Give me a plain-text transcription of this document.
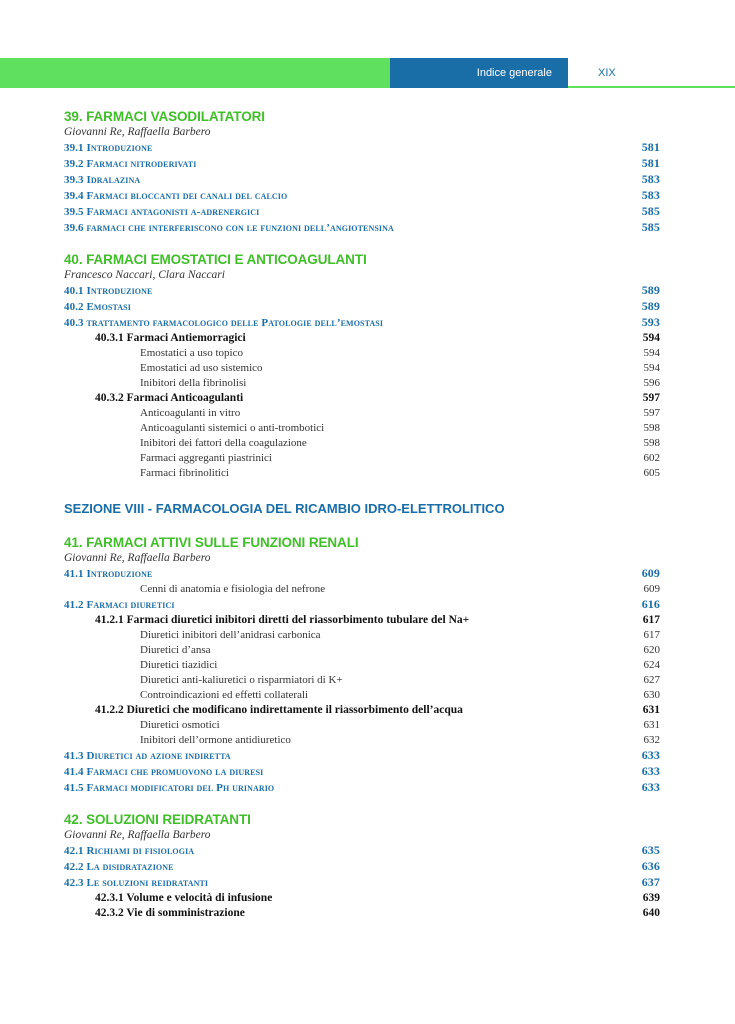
Indice generale	XIX
39. FARMACI VASODILATATORI
Giovanni Re, Raffaella Barbero
39.1 Introduzione	581
39.2 Farmaci nitroderivati	581
39.3 Idralazina	583
39.4 Farmaci bloccanti dei canali del calcio	583
39.5 Farmaci antagonisti α-adrenergici	585
39.6 farmaci che interferiscono con le funzioni dell’angiotensina	585
40. FARMACI EMOSTATICI E ANTICOAGULANTI
Francesco Naccari, Clara Naccari
40.1 Introduzione	589
40.2 Emostasi	589
40.3 trattamento farmacologico delle Patologie dell’emostasi	593
40.3.1 Farmaci Antiemorragici	594
Emostatici a uso topico	594
Emostatici ad uso sistemico	594
Inibitori della fibrinolisi	596
40.3.2 Farmaci Anticoagulanti	597
Anticoagulanti in vitro	597
Anticoagulanti sistemici o anti-trombotici	598
Inibitori dei fattori della coagulazione	598
Farmaci aggreganti piastrinici	602
Farmaci fibrinolitici	605
SEZIONE VIII - FARMACOLOGIA DEL RICAMBIO IDRO-ELETTROLITICO
41. FARMACI ATTIVI SULLE FUNZIONI RENALI
Giovanni Re, Raffaella Barbero
41.1 Introduzione	609
Cenni di anatomia e fisiologia del nefrone	609
41.2 Farmaci diuretici	616
41.2.1 Farmaci diuretici inibitori diretti del riassorbimento tubulare del Na+	617
Diuretici inibitori dell’anidrasi carbonica	617
Diuretici d’ansa	620
Diuretici tiazidici	624
Diuretici anti-kaliuretici o risparmiatori di K+	627
Controindicazioni ed effetti collaterali	630
41.2.2 Diuretici che modificano indirettamente il riassorbimento dell’acqua	631
Diuretici osmotici	631
Inibitori dell’ormone antidiuretico	632
41.3 Diuretici ad azione indiretta	633
41.4 Farmaci che promuovono la diuresi	633
41.5 Farmaci modificatori del Ph urinario	633
42. SOLUZIONI REIDRATANTI
Giovanni Re, Raffaella Barbero
42.1 Richiami di fisiologia	635
42.2 La disidratazione	636
42.3 Le soluzioni reidratanti	637
42.3.1 Volume e velocità di infusione	639
42.3.2 Vie di somministrazione	640
